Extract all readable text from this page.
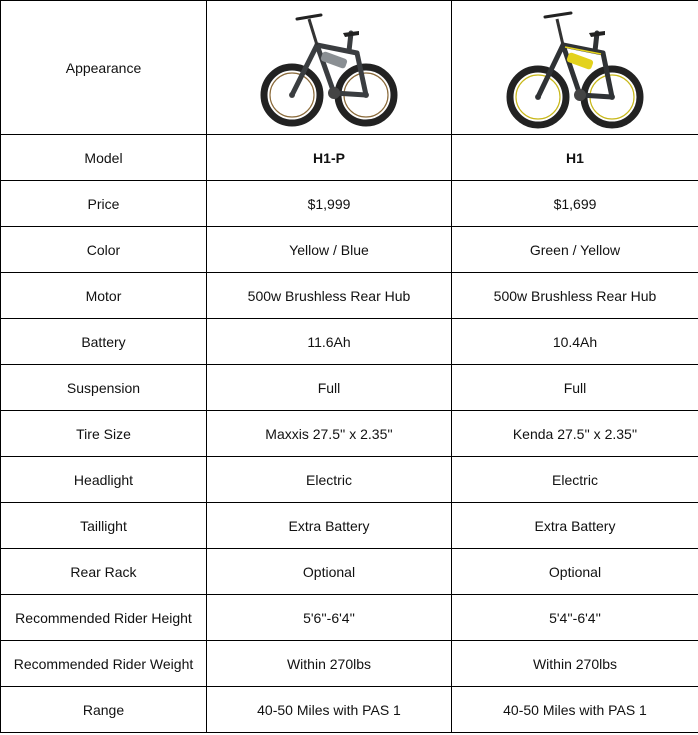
Appearance	

Model	H1-P	H1
Price	$1,999	$1,699
Color	Yellow / Blue	Green / Yellow
Motor	500w Brushless Rear Hub	500w Brushless Rear Hub
Battery	11.6Ah	10.4Ah
Suspension	Full	Full
Tire Size	Maxxis 27.5'' x 2.35''	Kenda 27.5'' x 2.35''
Headlight	Electric	Electric
Taillight	Extra Battery	Extra Battery
Rear Rack	Optional	Optional
Recommended Rider Height	5'6''-6'4''	5'4''-6'4''
Recommended Rider Weight	Within 270lbs	Within 270lbs
Range	40-50 Miles with PAS 1	40-50 Miles with PAS 1
